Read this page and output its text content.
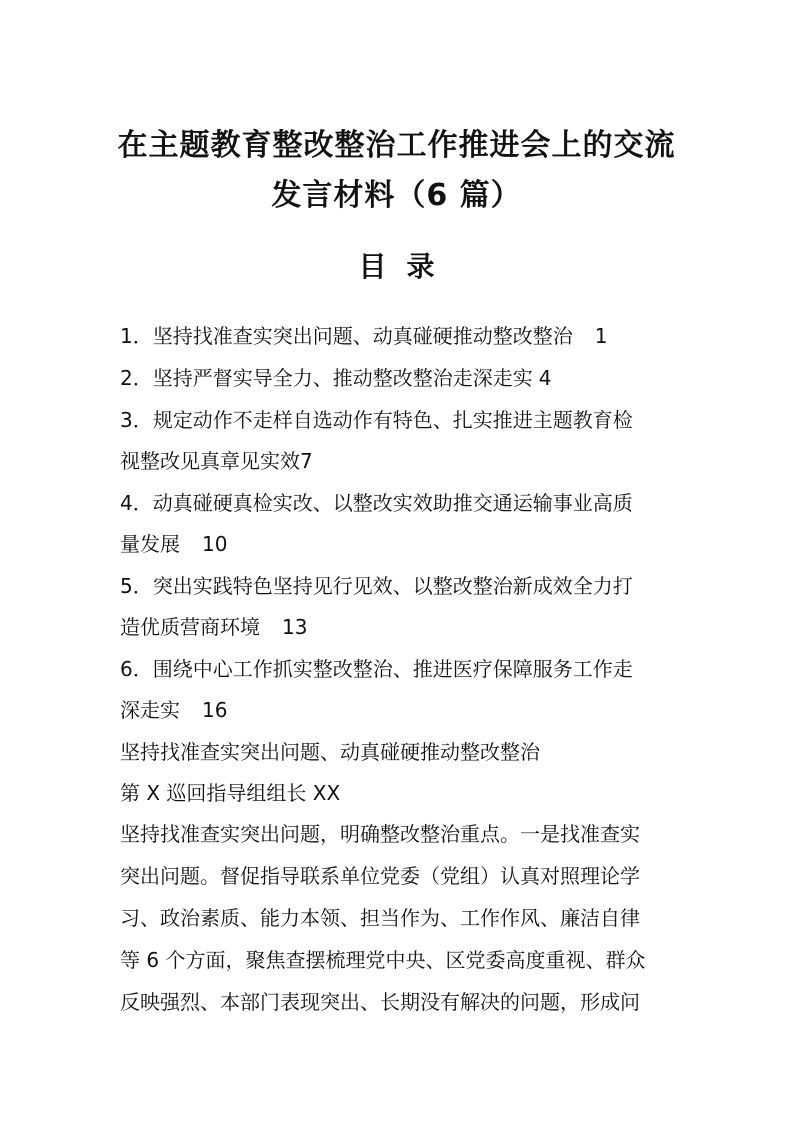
在主题教育整改整治工作推进会上的交流
发言材料（6 篇）
目录
1．坚持找准查实突出问题、动真碰硬推动整改整治 1
2．坚持严督实导全力、推动整改整治走深走实 4
3．规定动作不走样自选动作有特色、扎实推进主题教育检
视整改见真章见实效7
4．动真碰硬真检实改、以整改实效助推交通运输事业高质
量发展 10
5．突出实践特色坚持见行见效、以整改整治新成效全力打
造优质营商环境 13
6．围绕中心工作抓实整改整治、推进医疗保障服务工作走
深走实 16
坚持找准查实突出问题、动真碰硬推动整改整治
第 X 巡回指导组组长 XX
坚持找准查实突出问题，明确整改整治重点。一是找准查实
突出问题。督促指导联系单位党委（党组）认真对照理论学
习、政治素质、能力本领、担当作为、工作作风、廉洁自律
等 6 个方面，聚焦查摆梳理党中央、区党委高度重视、群众
反映强烈、本部门表现突出、长期没有解决的问题，形成问
